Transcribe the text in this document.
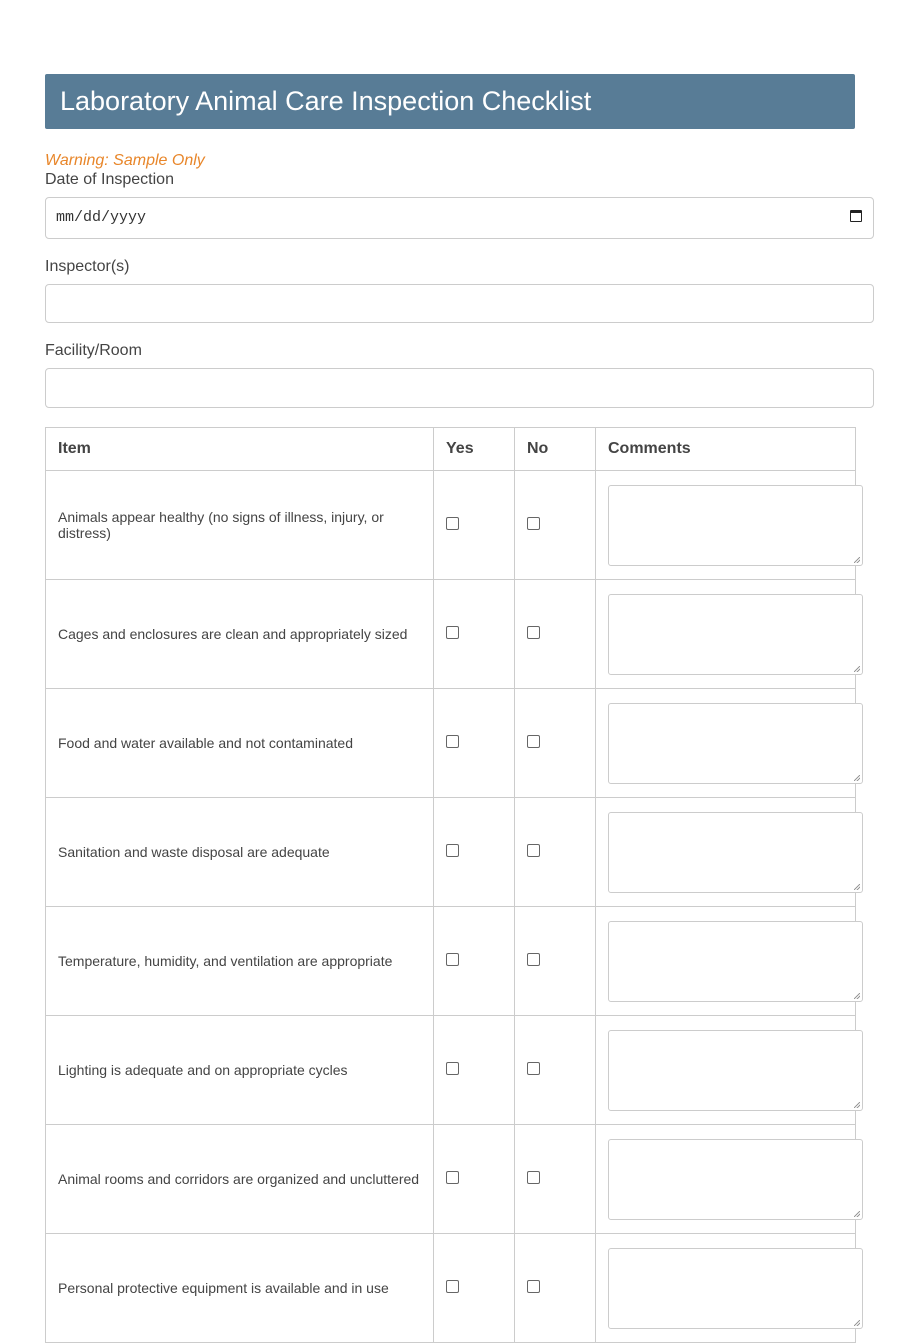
Laboratory Animal Care Inspection Checklist
Warning: Sample Only
Date of Inspection
mm/dd/yyyy
Inspector(s)
Facility/Room
Item	Yes	No	Comments
Animals appear healthy (no signs of illness, injury, or distress)			

Cages and enclosures are clean and appropriately sized			

Food and water available and not contaminated			

Sanitation and waste disposal are adequate			

Temperature, humidity, and ventilation are appropriate			

Lighting is adequate and on appropriate cycles			

Animal rooms and corridors are organized and uncluttered			

Personal protective equipment is available and in use			
